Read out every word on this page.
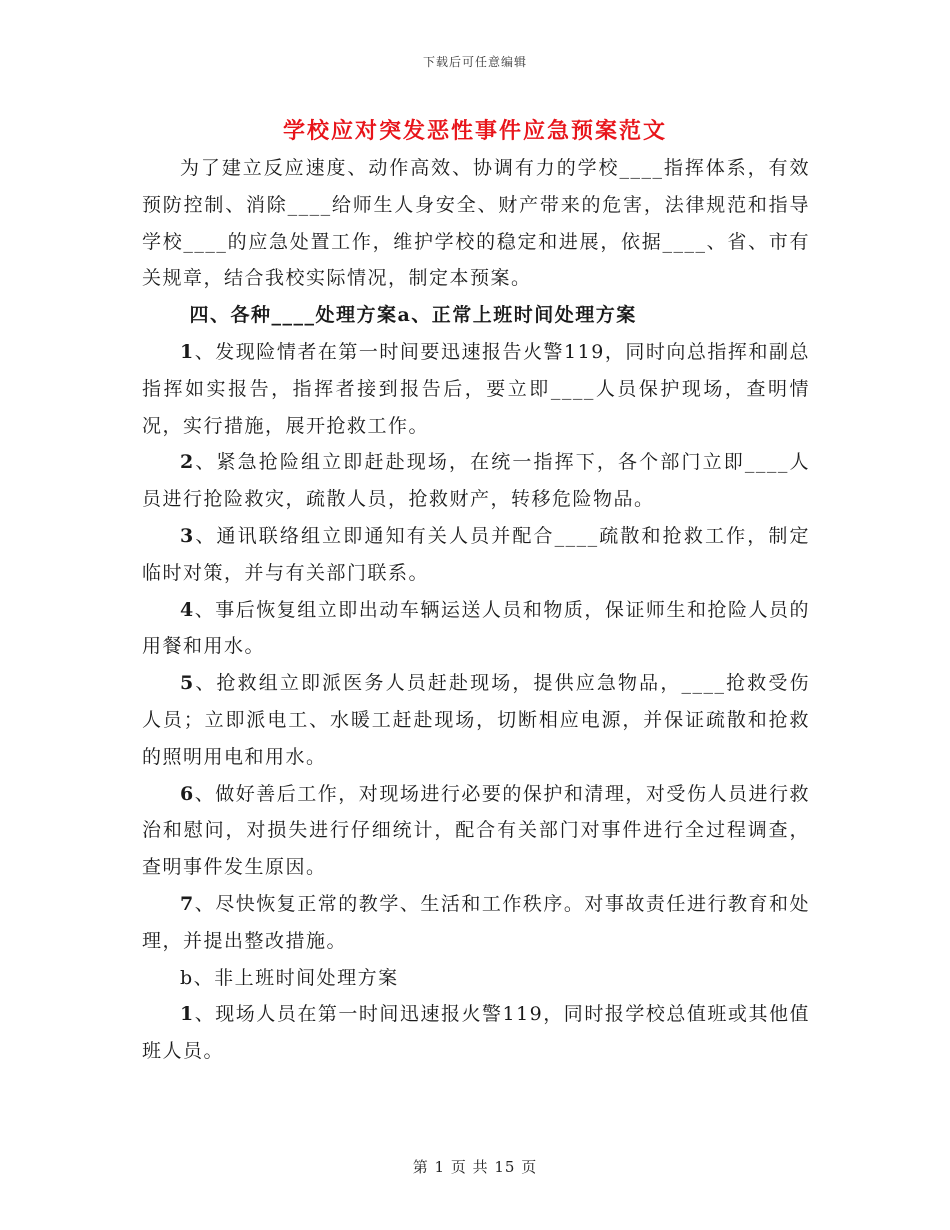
下载后可任意编辑
学校应对突发恶性事件应急预案范文

为了建立反应速度、动作高效、协调有力的学校____指挥体系，有效预防控制、消除____给师生人身安全、财产带来的危害，法律规范和指导学校____的应急处置工作，维护学校的稳定和进展，依据____、省、市有关规章，结合我校实际情况，制定本预案。

四、各种____处理方案a、正常上班时间处理方案

1、发现险情者在第一时间要迅速报告火警119，同时向总指挥和副总指挥如实报告，指挥者接到报告后，要立即____人员保护现场，查明情况，实行措施，展开抢救工作。

2、紧急抢险组立即赶赴现场，在统一指挥下，各个部门立即____人员进行抢险救灾，疏散人员，抢救财产，转移危险物品。

3、通讯联络组立即通知有关人员并配合____疏散和抢救工作，制定临时对策，并与有关部门联系。

4、事后恢复组立即出动车辆运送人员和物质，保证师生和抢险人员的用餐和用水。

5、抢救组立即派医务人员赶赴现场，提供应急物品，____抢救受伤人员；立即派电工、水暖工赶赴现场，切断相应电源，并保证疏散和抢救的照明用电和用水。

6、做好善后工作，对现场进行必要的保护和清理，对受伤人员进行救治和慰问，对损失进行仔细统计，配合有关部门对事件进行全过程调查，查明事件发生原因。

7、尽快恢复正常的教学、生活和工作秩序。对事故责任进行教育和处理，并提出整改措施。

b、非上班时间处理方案

1、现场人员在第一时间迅速报火警119，同时报学校总值班或其他值班人员。

第 1 页 共 15 页
